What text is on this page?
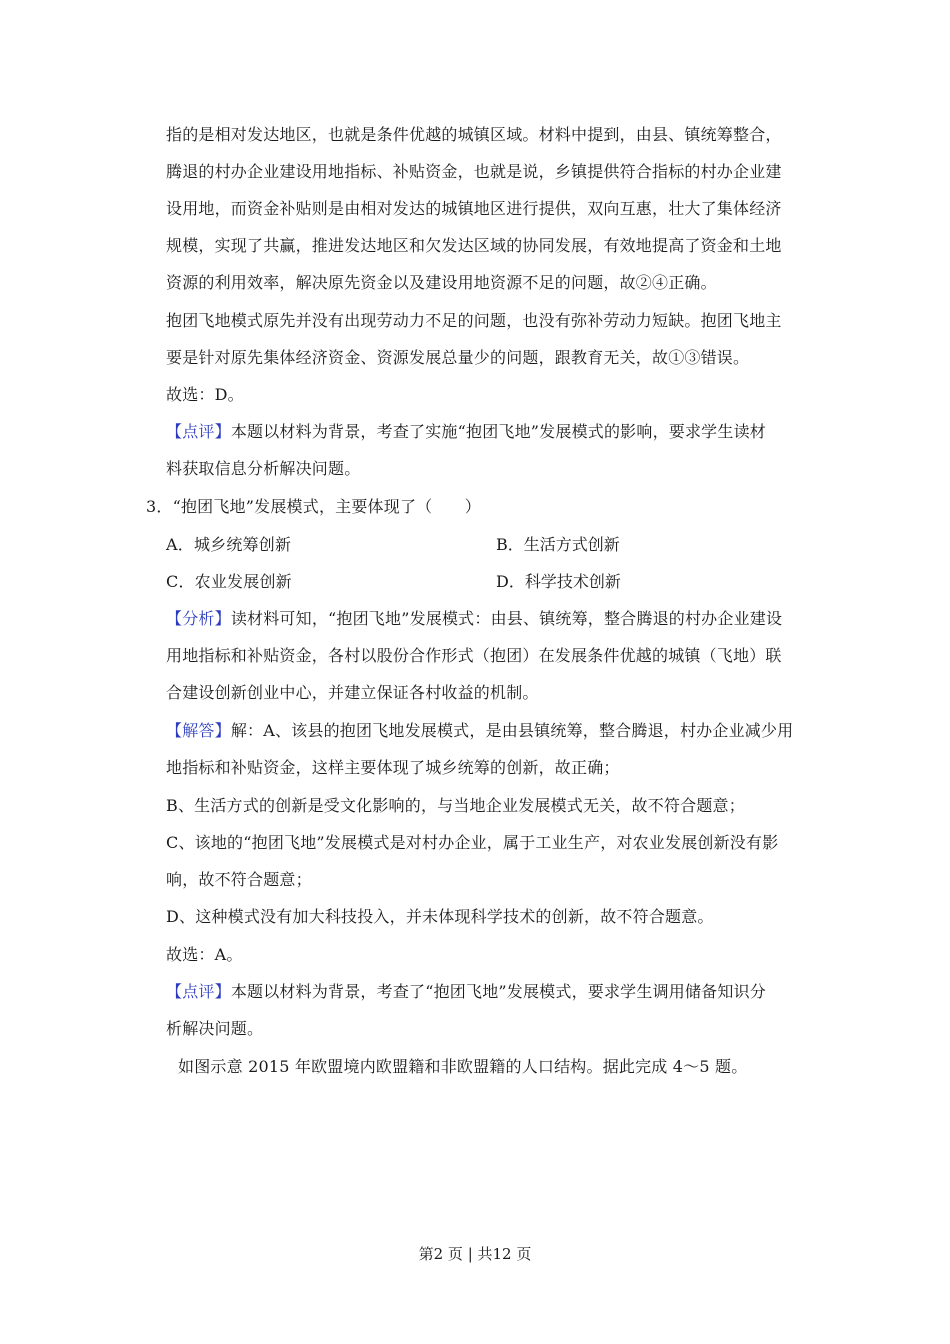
指的是相对发达地区，也就是条件优越的城镇区域。材料中提到，由县、镇统筹整合，
腾退的村办企业建设用地指标、补贴资金，也就是说，乡镇提供符合指标的村办企业建
设用地，而资金补贴则是由相对发达的城镇地区进行提供，双向互惠，壮大了集体经济
规模，实现了共赢，推进发达地区和欠发达区域的协同发展，有效地提高了资金和土地
资源的利用效率，解决原先资金以及建设用地资源不足的问题，故②④正确。
抱团飞地模式原先并没有出现劳动力不足的问题，也没有弥补劳动力短缺。抱团飞地主
要是针对原先集体经济资金、资源发展总量少的问题，跟教育无关，故①③错误。
故选：D。
【点评】本题以材料为背景，考查了实施“抱团飞地”发展模式的影响，要求学生读材
料获取信息分析解决问题。
3．“抱团飞地”发展模式，主要体现了（　　）
A．城乡统筹创新	B．生活方式创新
C．农业发展创新	D．科学技术创新
【分析】读材料可知，“抱团飞地”发展模式：由县、镇统筹，整合腾退的村办企业建设
用地指标和补贴资金，各村以股份合作形式（抱团）在发展条件优越的城镇（飞地）联
合建设创新创业中心，并建立保证各村收益的机制。
【解答】解：A、该县的抱团飞地发展模式，是由县镇统筹，整合腾退，村办企业减少用
地指标和补贴资金，这样主要体现了城乡统筹的创新，故正确；
B、生活方式的创新是受文化影响的，与当地企业发展模式无关，故不符合题意；
C、该地的“抱团飞地”发展模式是对村办企业，属于工业生产，对农业发展创新没有影
响，故不符合题意；
D、这种模式没有加大科技投入，并未体现科学技术的创新，故不符合题意。
故选：A。
【点评】本题以材料为背景，考查了“抱团飞地”发展模式，要求学生调用储备知识分
析解决问题。
如图示意 2015 年欧盟境内欧盟籍和非欧盟籍的人口结构。据此完成 4～5 题。
第2 页 | 共12 页
